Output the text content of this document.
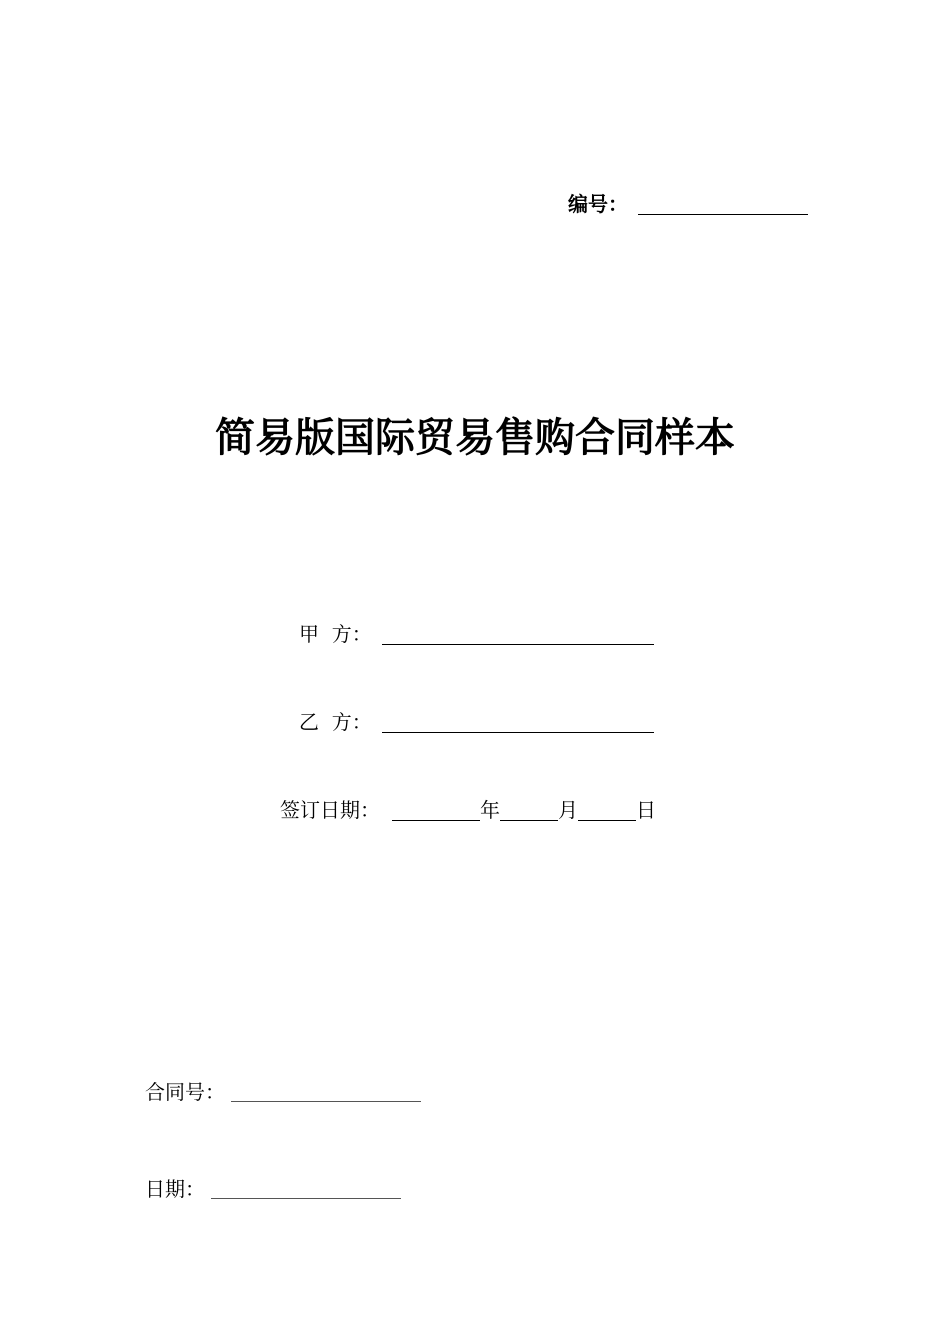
编号：
简易版国际贸易售购合同样本
甲  方：
乙  方：
签订日期：	年	月	日
合同号：
日期：
